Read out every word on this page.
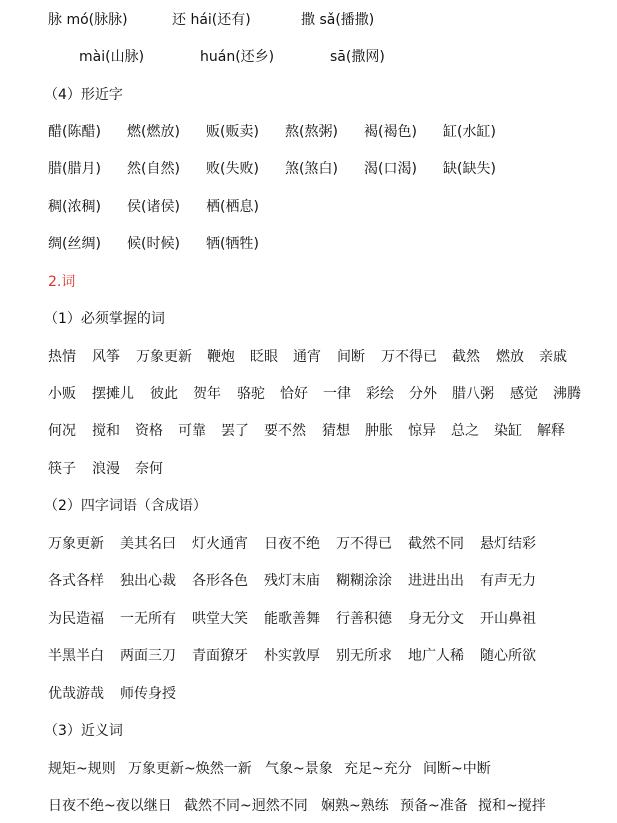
脉 mó(脉脉)	还 hái(还有)	撒 sǎ(播撒)
mài(山脉)	huán(还乡)	sā(撒网)
（4）形近字
醋(陈醋) 燃(燃放) 贩(贩卖) 熬(熬粥) 褐(褐色) 缸(水缸)
腊(腊月) 然(自然) 败(失败) 煞(煞白) 渴(口渴) 缺(缺失)
稠(浓稠) 侯(诸侯) 栖(栖息)
绸(丝绸) 候(时候) 牺(牺牲)
2.词
（1）必须掌握的词
热情 风筝 万象更新 鞭炮 眨眼 通宵 间断 万不得已 截然 燃放 亲戚
小贩 摆摊儿 彼此 贺年 骆驼 恰好 一律 彩绘 分外 腊八粥 感觉 沸腾
何况 搅和 资格 可靠 罢了 要不然 猜想 肿胀 惊异 总之 染缸 解释
筷子 浪漫 奈何
（2）四字词语（含成语）
万象更新 美其名曰 灯火通宵 日夜不绝 万不得已 截然不同 悬灯结彩
各式各样 独出心裁 各形各色 残灯末庙 糊糊涂涂 进进出出 有声无力
为民造福 一无所有 哄堂大笑 能歌善舞 行善积德 身无分文 开山鼻祖
半黑半白 两面三刀 青面獠牙 朴实敦厚 别无所求 地广人稀 随心所欲
优哉游哉 师传身授
（3）近义词
规矩~规则 万象更新~焕然一新 气象~景象 充足~充分 间断~中断
日夜不绝~夜以继日 截然不同~迥然不同 娴熟~熟练 预备~准备 搅和~搅拌
